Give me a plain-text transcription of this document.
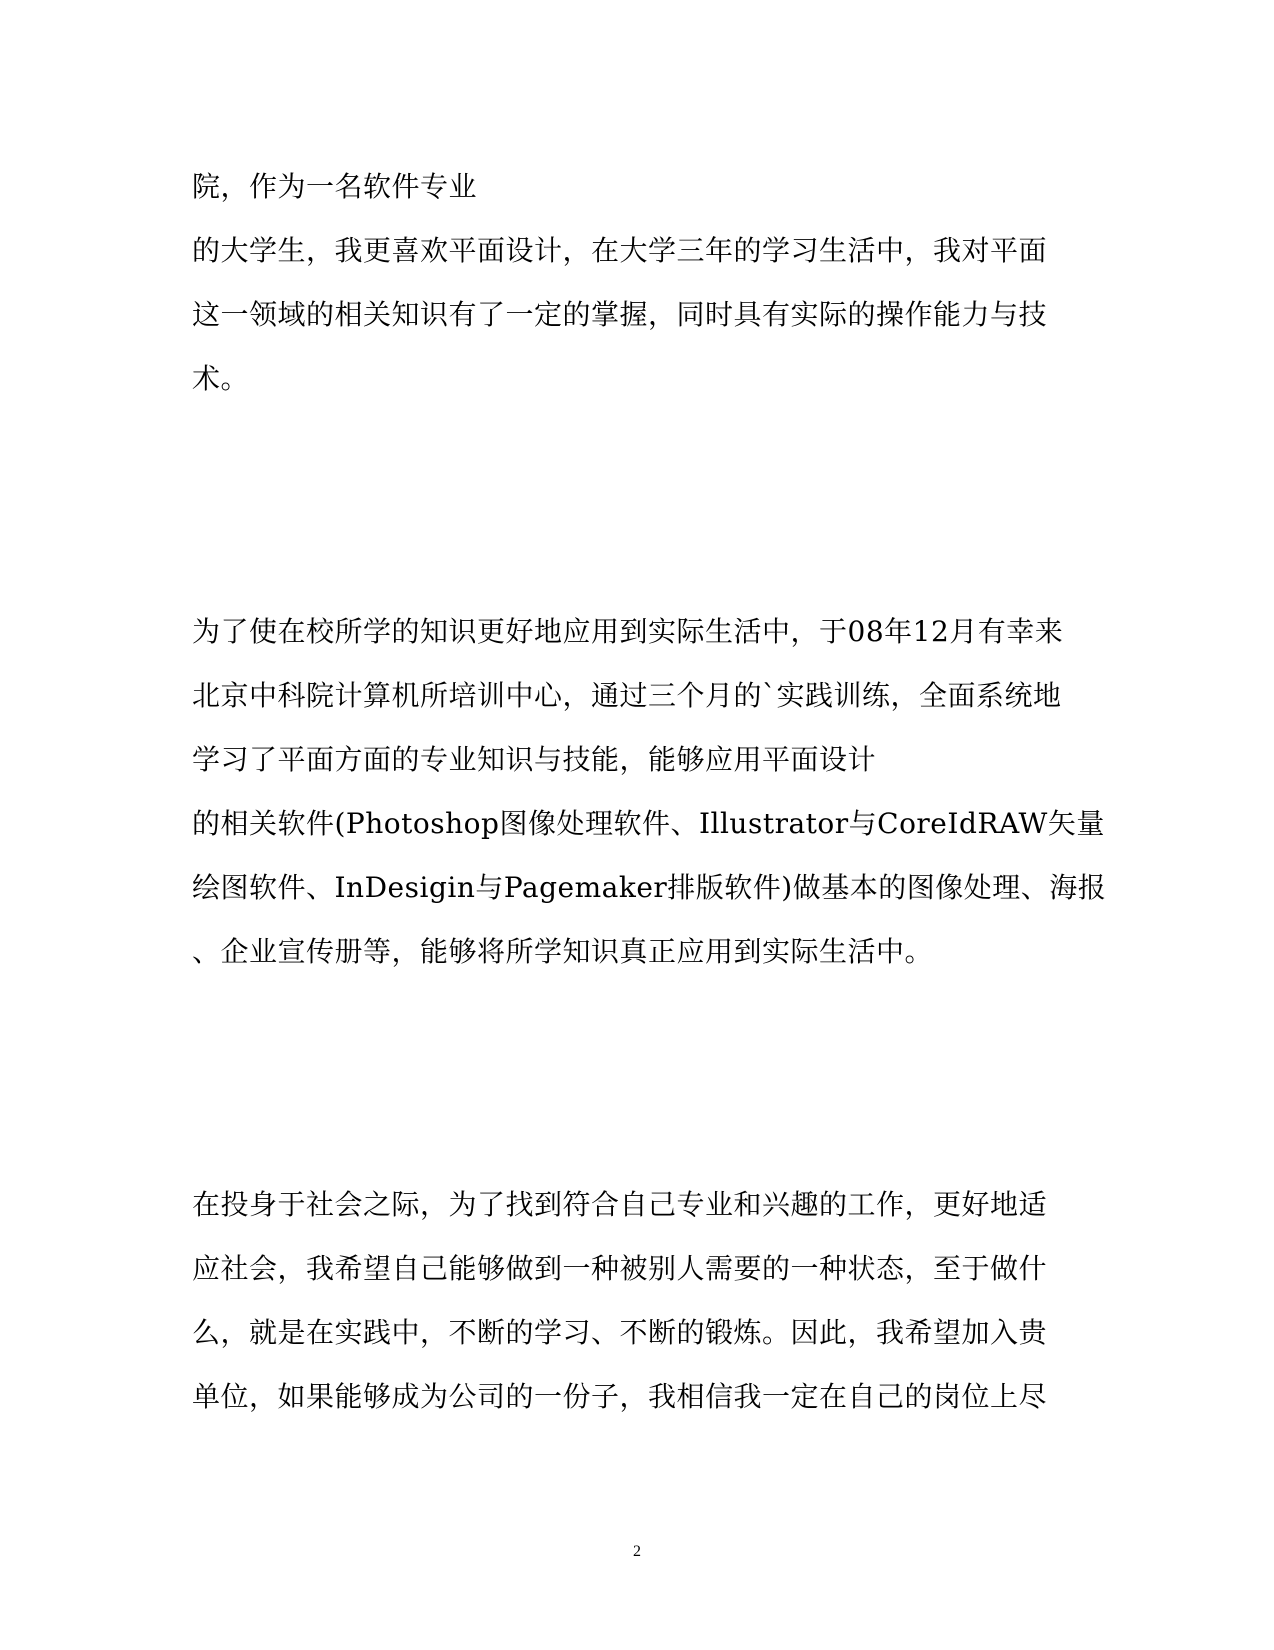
院，作为一名软件专业
的大学生，我更喜欢平面设计，在大学三年的学习生活中，我对平面
这一领域的相关知识有了一定的掌握，同时具有实际的操作能力与技
术。
为了使在校所学的知识更好地应用到实际生活中，于08年12月有幸来
北京中科院计算机所培训中心，通过三个月的`实践训练，全面系统地
学习了平面方面的专业知识与技能，能够应用平面设计
的相关软件(Photoshop图像处理软件、Illustrator与CoreIdRAW矢量
绘图软件、InDesigin与Pagemaker排版软件)做基本的图像处理、海报
、企业宣传册等，能够将所学知识真正应用到实际生活中。
在投身于社会之际，为了找到符合自己专业和兴趣的工作，更好地适
应社会，我希望自己能够做到一种被别人需要的一种状态，至于做什
么，就是在实践中，不断的学习、不断的锻炼。因此，我希望加入贵
单位，如果能够成为公司的一份子，我相信我一定在自己的岗位上尽
2
